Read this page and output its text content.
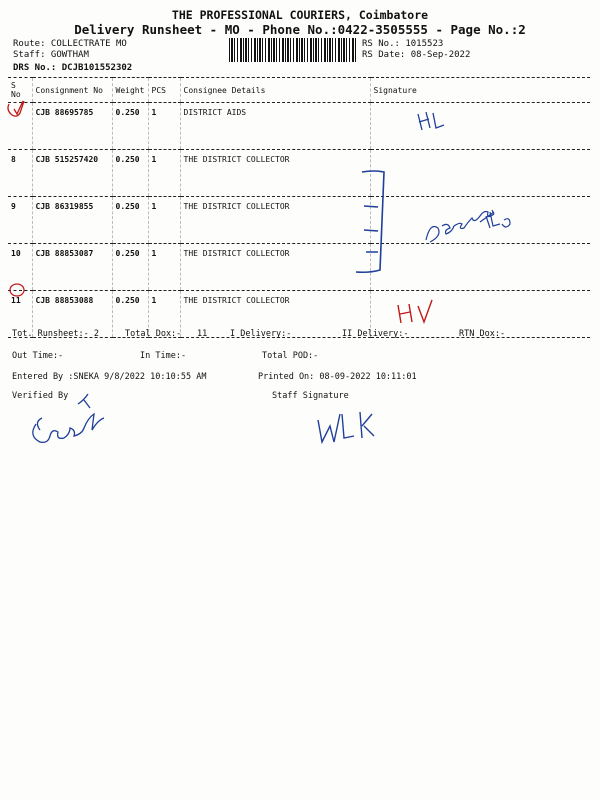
THE PROFESSIONAL COURIERS, Coimbatore
Delivery Runsheet - MO - Phone No.:0422-3505555 - Page No.:2
Route: COLLECTRATE MO
Staff: GOWTHAM
DRS No.: DCJB101552302
RS No.: 1015523
RS Date: 08-Sep-2022
S No	Consignment No	Weight	PCS	Consignee Details	Signature
	CJB 88695785	0.250	1	DISTRICT AIDS	
8	CJB 515257420	0.250	1	THE DISTRICT COLLECTOR	
9	CJB 86319855	0.250	1	THE DISTRICT COLLECTOR	
10	CJB 88853087	0.250	1	THE DISTRICT COLLECTOR	
11	CJB 88853088	0.250	1	THE DISTRICT COLLECTOR	
Tot. Runsheet:- 2	Total Dox:- 11	I Delivery:-	II Delivery:-	RTN Dox:-
Out Time:-	In Time:-	Total POD:-
Entered By :SNEKA 9/8/2022 10:10:55 AM	Printed On: 08-09-2022 10:11:01
Verified By	Staff Signature
